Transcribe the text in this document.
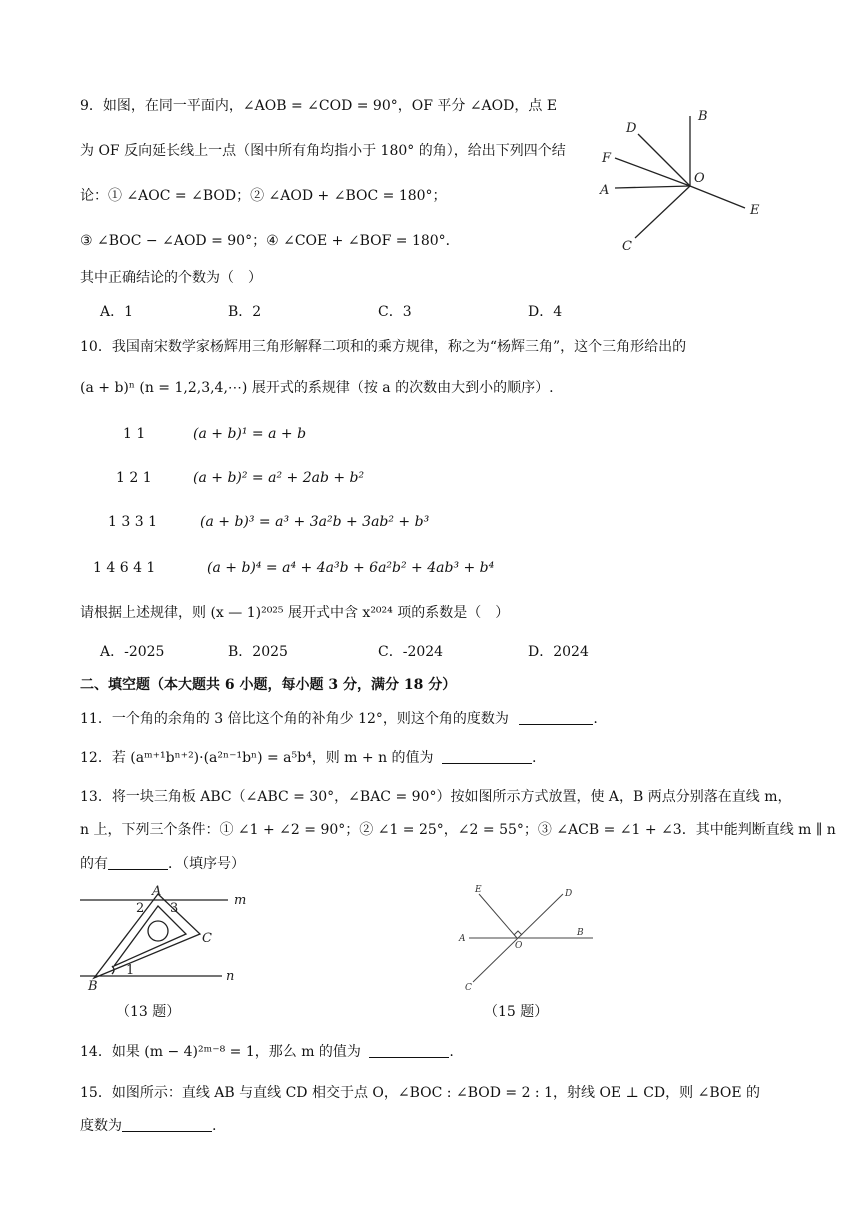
9．如图，在同一平面内，∠AOB = ∠COD = 90°，OF 平分 ∠AOD，点 E
为 OF 反向延长线上一点（图中所有角均指小于 180° 的角），给出下列四个结
论：① ∠AOC = ∠BOD；② ∠AOD + ∠BOC = 180°；
③ ∠BOC − ∠AOD = 90°；④ ∠COE + ∠BOF = 180°．
其中正确结论的个数为（　）
A．1	B．2	C．3	D．4
B
D
F
A
O
E
C
10．我国南宋数学家杨辉用三角形解释二项和的乘方规律，称之为“杨辉三角”，这个三角形给出的
(a + b)ⁿ (n = 1,2,3,4,⋯) 展开式的系规律（按 a 的次数由大到小的顺序）.
1 1	(a + b)¹ = a + b
1 2 1	(a + b)² = a² + 2ab + b²
1 3 3 1	(a + b)³ = a³ + 3a²b + 3ab² + b³
1 4 6 4 1	(a + b)⁴ = a⁴ + 4a³b + 6a²b² + 4ab³ + b⁴
请根据上述规律，则 (x — 1)²⁰²⁵ 展开式中含 x²⁰²⁴ 项的系数是（　）
A．-2025	B．2025	C．-2024	D．2024
二、填空题（本大题共 6 小题，每小题 3 分，满分 18 分）
11．一个角的余角的 3 倍比这个角的补角少 12°，则这个角的度数为	.
12．若 (aᵐ⁺¹bⁿ⁺²)·(a²ⁿ⁻¹bⁿ) = a⁵b⁴，则 m + n 的值为	.
13．将一块三角板 ABC（∠ABC = 30°，∠BAC = 90°）按如图所示方式放置，使 A，B 两点分别落在直线 m，
n 上，下列三个条件：① ∠1 + ∠2 = 90°；② ∠1 = 25°，∠2 = 55°；③ ∠ACB = ∠1 + ∠3．其中能判断直线 m ∥ n
的有	．（填序号）
A
2 3
m
C
1
B
n
（13 题）
E	D
A
O
B
C
（15 题）
14．如果 (m − 4)²ᵐ⁻⁸ = 1，那么 m 的值为	.
15．如图所示：直线 AB 与直线 CD 相交于点 O，∠BOC : ∠BOD = 2 : 1，射线 OE ⊥ CD，则 ∠BOE 的
度数为	.
